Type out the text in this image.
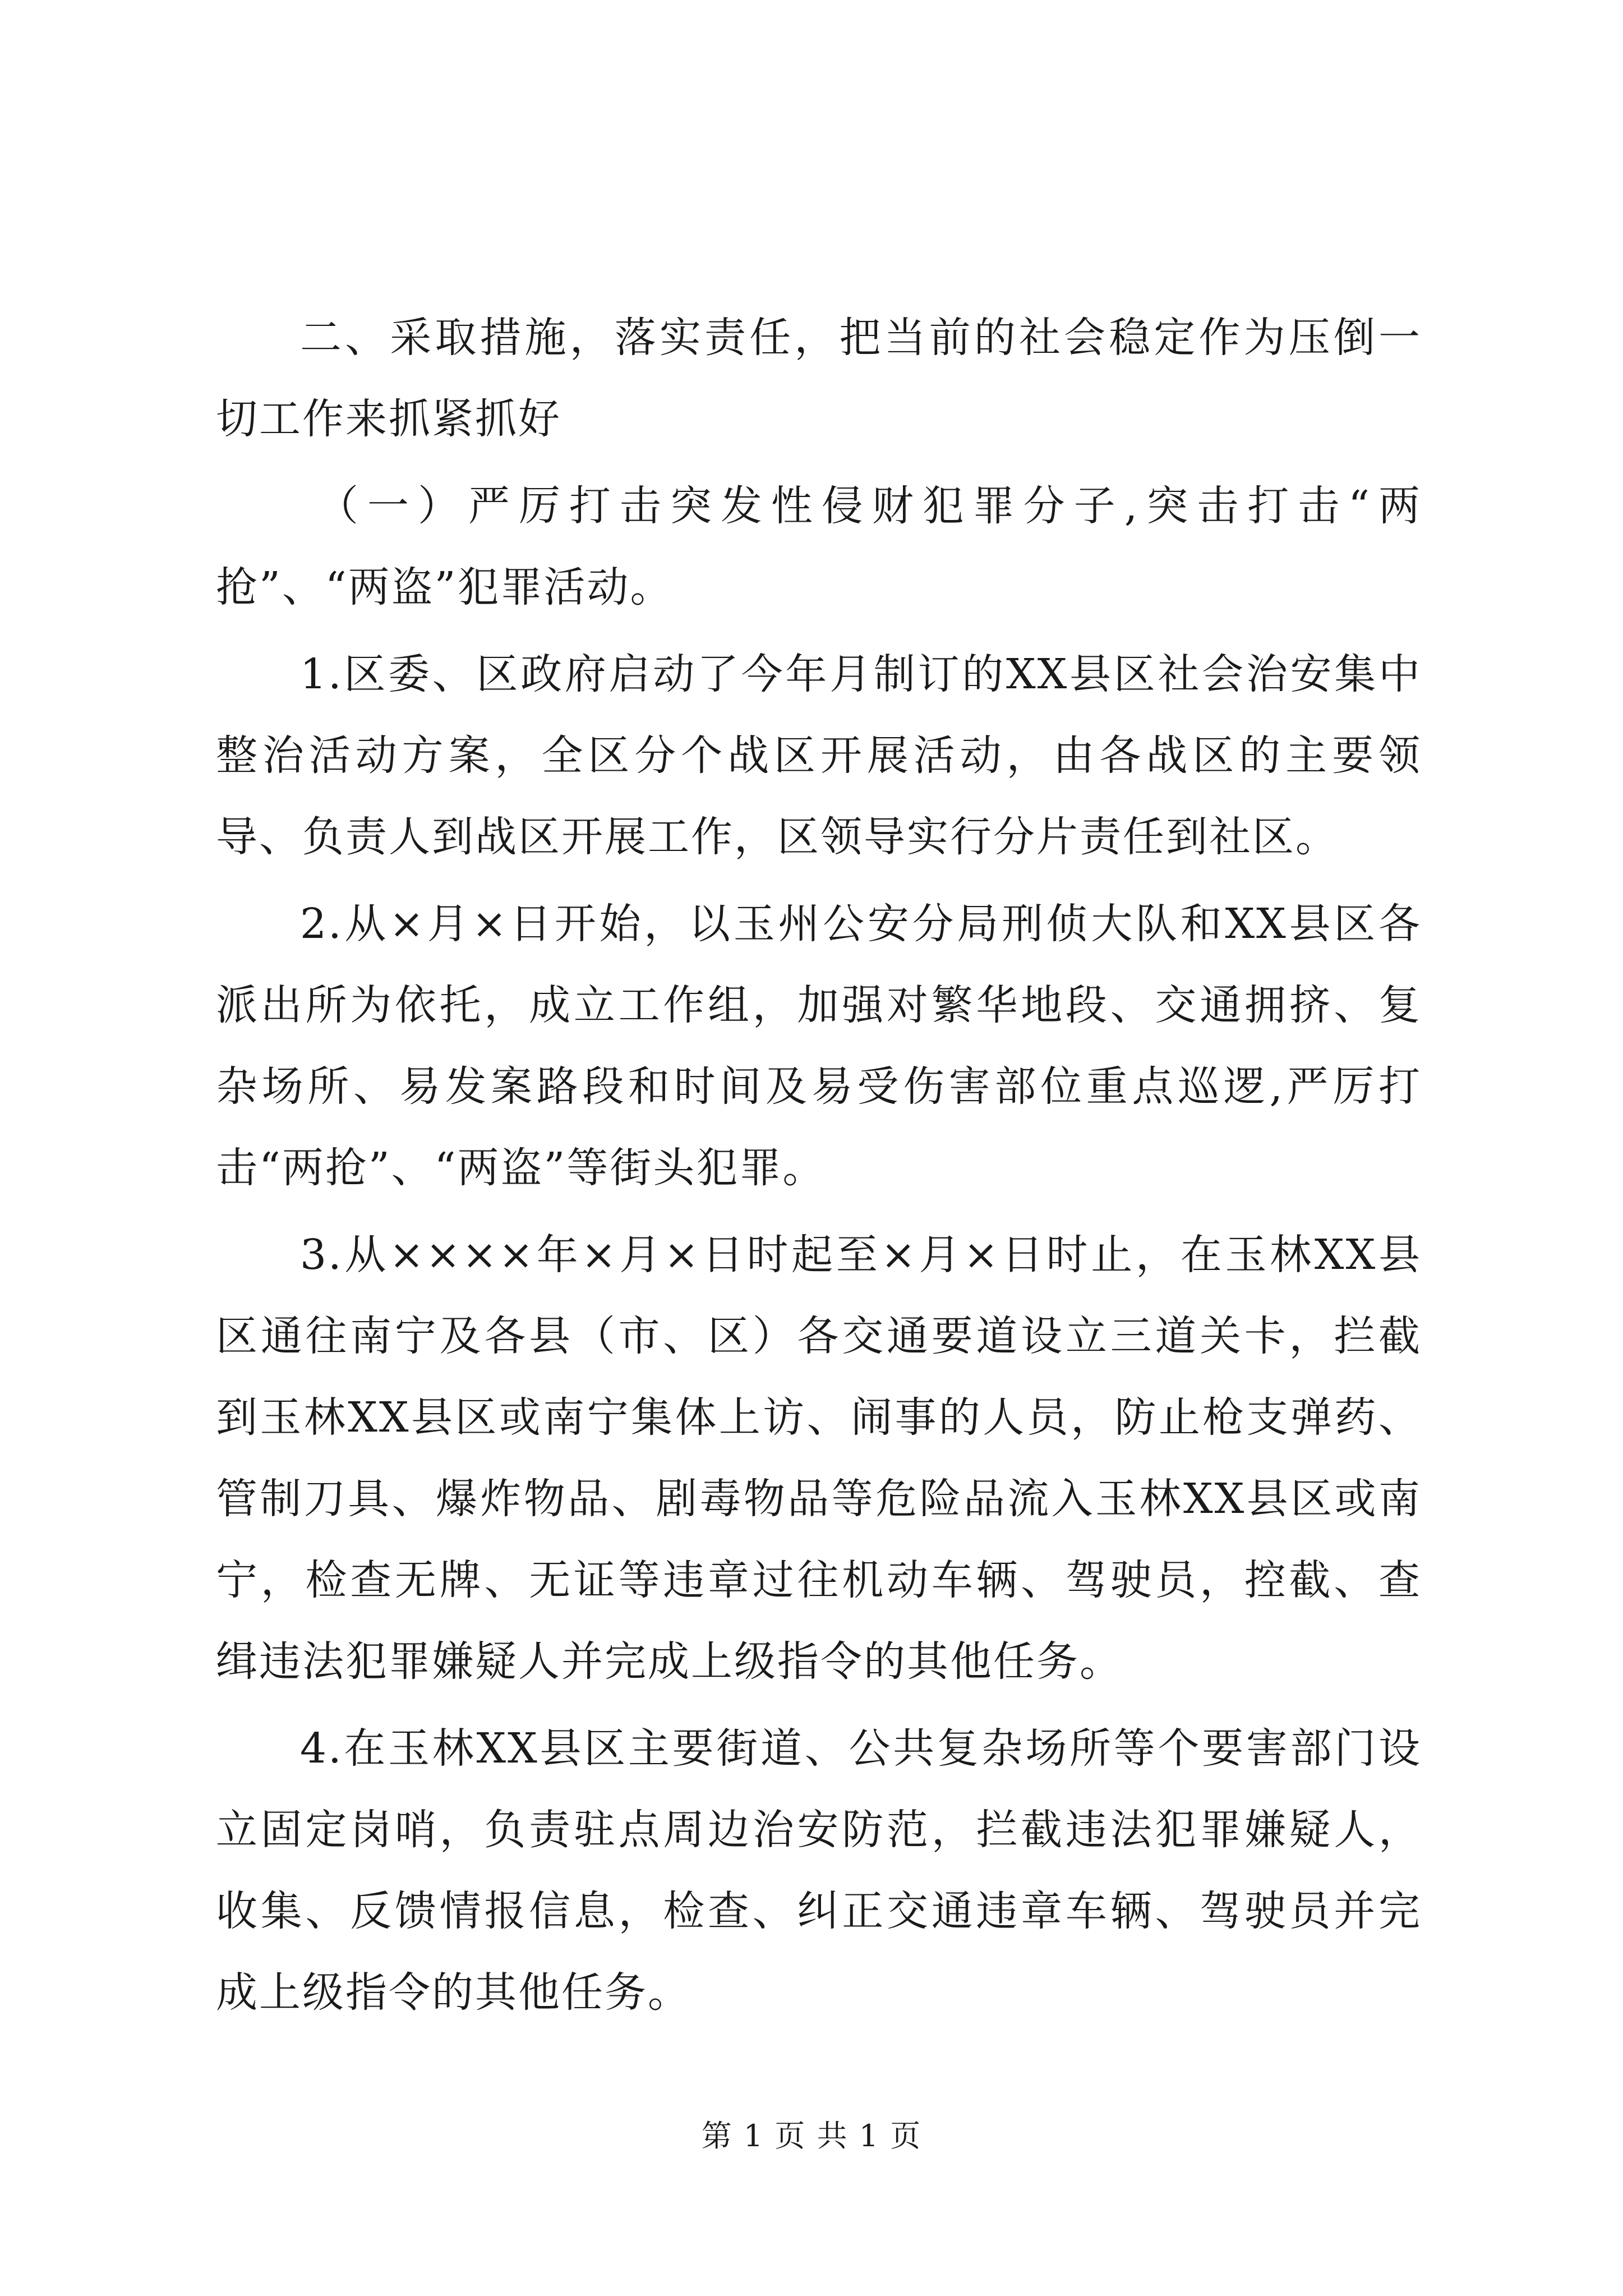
二、采取措施，落实责任，把当前的社会稳定作为压倒一切工作来抓紧抓好

（一）严厉打击突发性侵财犯罪分子,突击打击“两抢”、“两盗”犯罪活动。

1.区委、区政府启动了今年月制订的XX县区社会治安集中整治活动方案，全区分个战区开展活动，由各战区的主要领导、负责人到战区开展工作，区领导实行分片责任到社区。

2.从×月×日开始，以玉州公安分局刑侦大队和XX县区各派出所为依托，成立工作组，加强对繁华地段、交通拥挤、复杂场所、易发案路段和时间及易受伤害部位重点巡逻,严厉打击“两抢”、“两盗”等街头犯罪。

3.从××××年×月×日时起至×月×日时止，在玉林XX县区通往南宁及各县（市、区）各交通要道设立三道关卡，拦截到玉林XX县区或南宁集体上访、闹事的人员，防止枪支弹药、管制刀具、爆炸物品、剧毒物品等危险品流入玉林XX县区或南宁，检查无牌、无证等违章过往机动车辆、驾驶员，控截、查缉违法犯罪嫌疑人并完成上级指令的其他任务。

4.在玉林XX县区主要街道、公共复杂场所等个要害部门设立固定岗哨，负责驻点周边治安防范，拦截违法犯罪嫌疑人，收集、反馈情报信息，检查、纠正交通违章车辆、驾驶员并完成上级指令的其他任务。

第 1 页 共 1 页
